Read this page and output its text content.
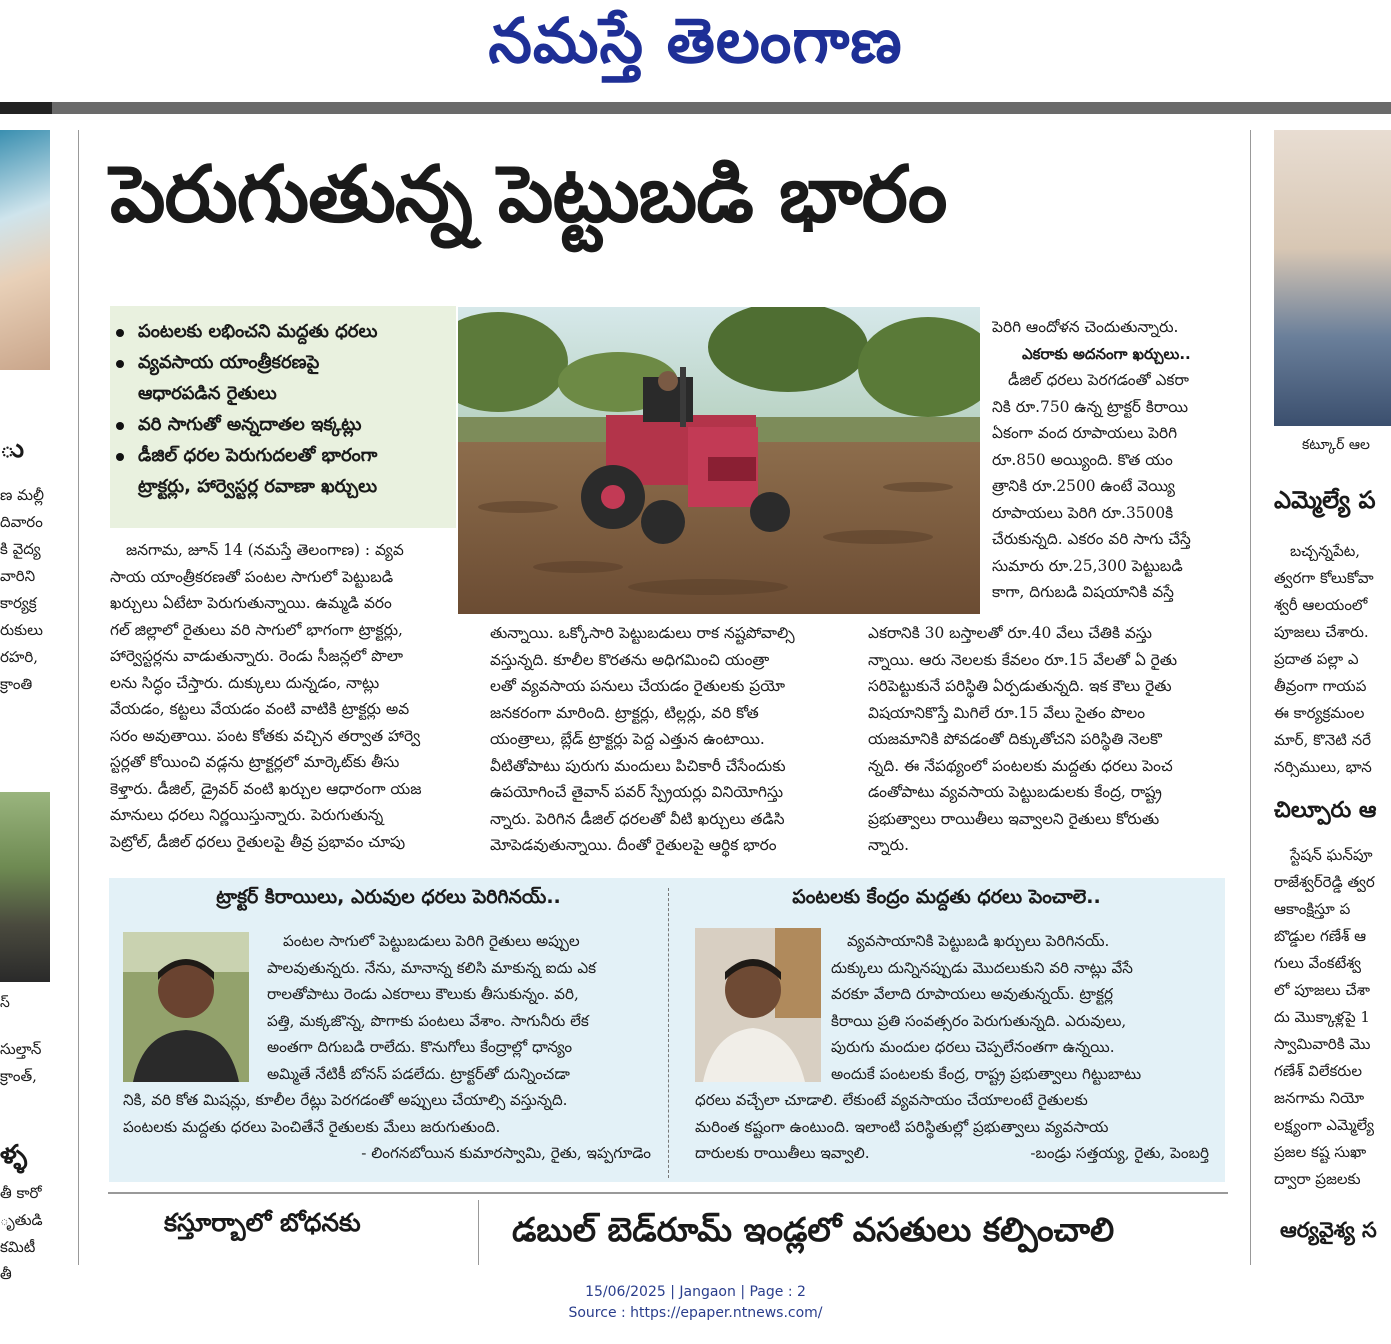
నమస్తే తెలంగాణ
ు
ణ మల్లీ
దివారం
కి వైద్య
వారిని
కార్యక్ర
రుకులు
రహరి,
క్రాంతి
స్
సుల్తాన్
క్రాంత్,
ళ్ళ
తీ కారో
ృతుడి
కమిటీ
తీ
కట్కూర్ ఆల
ఎమ్మెల్యే ప
బచ్చన్నపేట,
త్వరగా కోలుకోవా
శ్వరీ ఆలయంలో
పూజలు చేశారు.
ప్రదాత పల్లా ఎ
తీవ్రంగా గాయప
ఈ కార్యక్రమంల
మార్, కొనెటి నరే
నర్సిములు, భాన
చిల్పూరు ఆ
స్టేషన్ ఘన్‌పూ
రాజేశ్వర్‌రెడ్డి త్వర
ఆకాంక్షిస్తూ ప
బొడ్డుల గణేశ్ ఆ
గులు వేంకటేశ్వ
లో పూజలు చేశా
దు మొక్కాళ్లపై 1
స్వామివారికి మొ
గణేశ్ విలేకరుల
జనగామ నియో
లక్ష్యంగా ఎమ్మెల్యే
ప్రజల కష్ట సుఖా
ద్వారా ప్రజలకు
ఆర్యవైశ్య స
పెరుగుతున్న పెట్టుబడి భారం
పంటలకు లభించని మద్దతు ధరలు
వ్యవసాయ యాంత్రీకరణపై
ఆధారపడిన రైతులు
వరి సాగుతో అన్నదాతల ఇక్కట్లు
డీజిల్ ధరల పెరుగుదలతో భారంగా
ట్రాక్టర్లు, హార్వెస్టర్ల రవాణా ఖర్చులు
జనగామ, జూన్ 14 (నమస్తే తెలంగాణ) : వ్యవ
సాయ యాంత్రీకరణతో పంటల సాగులో పెట్టుబడి
ఖర్చులు ఏటేటా పెరుగుతున్నాయి. ఉమ్మడి వరం
గల్ జిల్లాలో రైతులు వరి సాగులో భాగంగా ట్రాక్టర్లు,
హార్వెస్టర్లను వాడుతున్నారు. రెండు సీజన్లలో పొలా
లను సిద్ధం చేస్తారు. దుక్కులు దున్నడం, నాట్లు
వేయడం, కట్టలు వేయడం వంటి వాటికి ట్రాక్టర్లు అవ
సరం అవుతాయి. పంట కోతకు వచ్చిన తర్వాత హార్వె
స్టర్లతో కోయించి వడ్లను ట్రాక్టర్లలో మార్కెట్‌కు తీసు
కెళ్తారు. డీజిల్, డ్రైవర్ వంటి ఖర్చుల ఆధారంగా యజ
మానులు ధరలు నిర్ణయిస్తున్నారు. పెరుగుతున్న
పెట్రోల్, డీజిల్ ధరలు రైతులపై తీవ్ర ప్రభావం చూపు
తున్నాయి. ఒక్కోసారి పెట్టుబడులు రాక నష్టపోవాల్సి
వస్తున్నది. కూలీల కొరతను అధిగమించి యంత్రా
లతో వ్యవసాయ పనులు చేయడం రైతులకు ప్రయో
జనకరంగా మారింది. ట్రాక్టర్లు, టిల్లర్లు, వరి కోత
యంత్రాలు, బ్లేడ్ ట్రాక్టర్లు పెద్ద ఎత్తున ఉంటాయి.
వీటితోపాటు పురుగు మందులు పిచికారీ చేసేందుకు
ఉపయోగించే తైవాన్ పవర్ స్ప్రేయర్లు వినియోగిస్తు
న్నారు. పెరిగిన డీజిల్ ధరలతో వీటి ఖర్చులు తడిసి
మోపెడవుతున్నాయి. దీంతో రైతులపై ఆర్థిక భారం
పెరిగి ఆందోళన చెందుతున్నారు.
ఎకరాకు అదనంగా ఖర్చులు..
డీజిల్ ధరలు పెరగడంతో ఎకరా
నికి రూ.750 ఉన్న ట్రాక్టర్ కిరాయి
ఏకంగా వంద రూపాయలు పెరిగి
రూ.850 అయ్యింది. కొత యం
త్రానికి రూ.2500 ఉంటే వెయ్యి
రూపాయలు పెరిగి రూ.3500కి
చేరుకున్నది. ఎకరం వరి సాగు చేస్తే
సుమారు రూ.25,300 పెట్టుబడి
కాగా, దిగుబడి విషయానికి వస్తే
ఎకరానికి 30 బస్తాలతో రూ.40 వేలు చేతికి వస్తు
న్నాయి. ఆరు నెలలకు కేవలం రూ.15 వేలతో ఏ రైతు
సరిపెట్టుకునే పరిస్థితి ఏర్పడుతున్నది. ఇక కౌలు రైతు
విషయానికొస్తే మిగిలే రూ.15 వేలు సైతం పొలం
యజమానికి పోవడంతో దిక్కుతోచని పరిస్థితి నెలకొ
న్నది. ఈ నేపథ్యంలో పంటలకు మద్దతు ధరలు పెంచ
డంతోపాటు వ్యవసాయ పెట్టుబడులకు కేంద్ర, రాష్ట్ర
ప్రభుత్వాలు రాయితీలు ఇవ్వాలని రైతులు కోరుతు
న్నారు.
ట్రాక్టర్ కిరాయిలు, ఎరువుల ధరలు పెరిగినయ్..
పంటల సాగులో పెట్టుబడులు పెరిగి రైతులు అప్పుల
పాలవుతున్నరు. నేను, మానాన్న కలిసి మాకున్న ఐదు ఎక
రాలతోపాటు రెండు ఎకరాలు కౌలుకు తీసుకున్నం. వరి,
పత్తి, మక్కజొన్న, పొగాకు పంటలు వేశాం. సాగునీరు లేక
అంతగా దిగుబడి రాలేదు. కొనుగోలు కేంద్రాల్లో ధాన్యం
అమ్మితే నేటికీ బోనస్ పడలేదు. ట్రాక్టర్‌తో దున్నించడా
నికి, వరి కోత మిషన్లు, కూలీల రేట్లు పెరగడంతో అప్పులు చేయాల్సి వస్తున్నది.
పంటలకు మద్దతు ధరలు పెంచితేనే రైతులకు మేలు జరుగుతుంది.
- లింగనబోయిన కుమారస్వామి, రైతు, ఇప్పగూడెం
పంటలకు కేంద్రం మద్దతు ధరలు పెంచాలె..
వ్యవసాయానికి పెట్టుబడి ఖర్చులు పెరిగినయ్.
దుక్కులు దున్నినప్పుడు మొదలుకుని వరి నాట్లు వేసే
వరకూ వేలాది రూపాయలు అవుతున్నయ్. ట్రాక్టర్ల
కిరాయి ప్రతి సంవత్సరం పెరుగుతున్నది. ఎరువులు,
పురుగు మందుల ధరలు చెప్పలేనంతగా ఉన్నయి.
అందుకే పంటలకు కేంద్ర, రాష్ట్ర ప్రభుత్వాలు గిట్టుబాటు
ధరలు వచ్చేలా చూడాలి. లేకుంటే వ్యవసాయం చేయాలంటే రైతులకు
మరింత కష్టంగా ఉంటుంది. ఇలాంటి పరిస్థితుల్లో ప్రభుత్వాలు వ్యవసాయ
దారులకు రాయితీలు ఇవ్వాలి.	-బండ్రు సత్తయ్య, రైతు, పెంబర్తి
కస్తూర్బాలో బోధనకు	డబుల్ బెడ్‌రూమ్ ఇండ్లలో వసతులు కల్పించాలి
15/06/2025 | Jangaon | Page : 2
Source : https://epaper.ntnews.com/
